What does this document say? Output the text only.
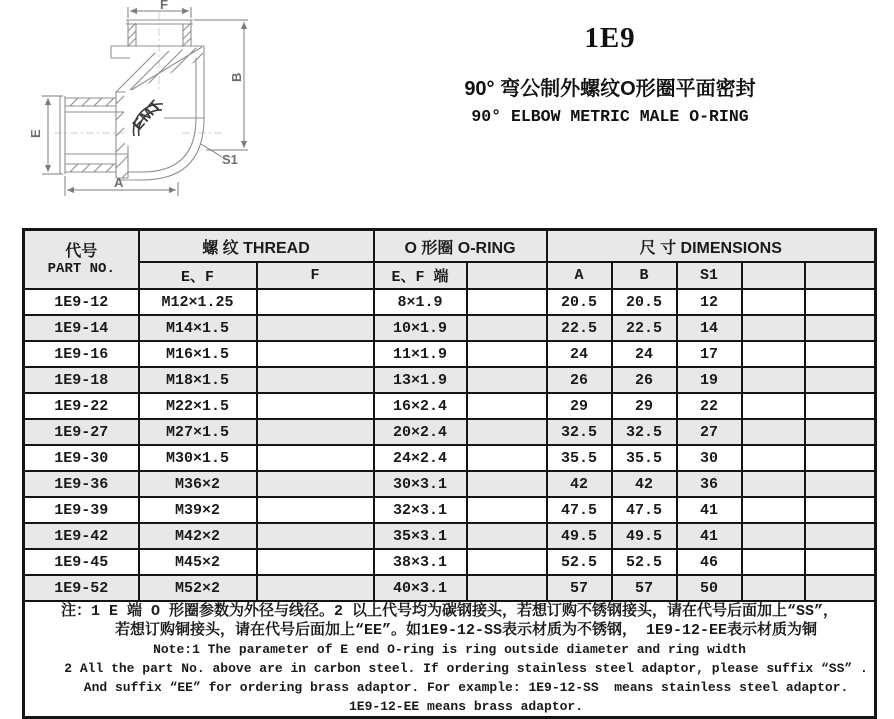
EMT
F
B
E
A
S1
1E9
90° 弯公制外螺纹O形圈平面密封
90° ELBOW METRIC MALE O-RING
代号
PART NO.	螺 纹 THREAD		O 形圈 O-RING		尺 寸 DIMENSIONS				
	E、F	F	E、F 端		A	B	S1		
1E9-12	M12×1.25		8×1.9		20.5	20.5	12		
1E9-14	M14×1.5		10×1.9		22.5	22.5	14		
1E9-16	M16×1.5		11×1.9		24	24	17		
1E9-18	M18×1.5		13×1.9		26	26	19		
1E9-22	M22×1.5		16×2.4		29	29	22		
1E9-27	M27×1.5		20×2.4		32.5	32.5	27		
1E9-30	M30×1.5		24×2.4		35.5	35.5	30		
1E9-36	M36×2		30×3.1		42	42	36		
1E9-39	M39×2		32×3.1		47.5	47.5	41		
1E9-42	M42×2		35×3.1		49.5	49.5	41		
1E9-45	M45×2		38×3.1		52.5	52.5	46		
1E9-52	M52×2		40×3.1		57	57	50		

注：1 E 端 O 形圈参数为外径与线径。2 以上代号均为碳钢接头，若想订购不锈钢接头，请在代号后面加上“SS”，
若想订购铜接头，请在代号后面加上“EE”。如1E9-12-SS表示材质为不锈钢， 1E9-12-EE表示材质为铜
Note:1 The parameter of E end O-ring is ring outside diameter and ring width
2 All the part No. above are in carbon steel. If ordering stainless steel adaptor, please suffix “SS” .
And suffix “EE” for ordering brass adaptor. For example: 1E9-12-SS  means stainless steel adaptor.
1E9-12-EE means brass adaptor.
